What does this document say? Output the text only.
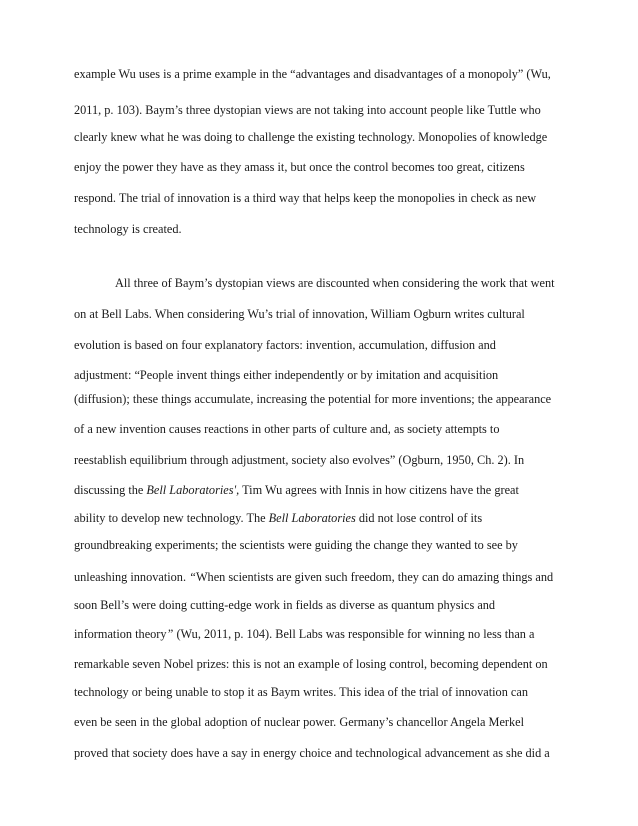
example Wu uses is a prime example in the “advantages and disadvantages of a monopoly” (Wu,
2011, p. 103). Baym’s three dystopian views are not taking into account people like Tuttle who
clearly knew what he was doing to challenge the existing technology. Monopolies of knowledge
enjoy the power they have as they amass it, but once the control becomes too great, citizens
respond. The trial of innovation is a third way that helps keep the monopolies in check as new
technology is created.
All three of Baym’s dystopian views are discounted when considering the work that went
on at Bell Labs. When considering Wu’s trial of innovation, William Ogburn writes cultural
evolution is based on four explanatory factors: invention, accumulation, diffusion and
adjustment: “People invent things either independently or by imitation and acquisition
(diffusion); these things accumulate, increasing the potential for more inventions; the appearance
of a new invention causes reactions in other parts of culture and, as society attempts to
reestablish equilibrium through adjustment, society also evolves” (Ogburn, 1950, Ch. 2). In
discussing the Bell Laboratories', Tim Wu agrees with Innis in how citizens have the great
ability to develop new technology. The Bell Laboratories did not lose control of its
groundbreaking experiments; the scientists were guiding the change they wanted to see by
unleashing innovation. “When scientists are given such freedom, they can do amazing things and
soon Bell’s were doing cutting-edge work in fields as diverse as quantum physics and
information theory” (Wu, 2011, p. 104). Bell Labs was responsible for winning no less than a
remarkable seven Nobel prizes: this is not an example of losing control, becoming dependent on
technology or being unable to stop it as Baym writes. This idea of the trial of innovation can
even be seen in the global adoption of nuclear power. Germany’s chancellor Angela Merkel
proved that society does have a say in energy choice and technological advancement as she did a
